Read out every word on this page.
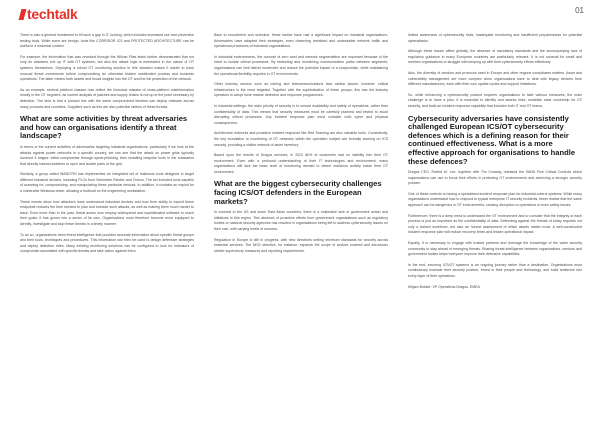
techtalk	01

There is also a general investment to fill such a gap in IT, looking, which includes increased use and preventive testing tools. While some are benign, tools like CORRIDOR ICS and PROTECTED ARCHITECTURE can be useful in a historical context.

For example, the information that was revealed through the Wilcan Files leaks further demonstrated that not only do attackers mix up IT with OT systems, but also the attack logic is embedded in the nature of OT systems themselves. Deploying a robust OT monitoring solution in this situation makes it easier to track unusual threat movements before compromising an otherwise hidden unattended process and business operations. The latter means both assets and broad insights into the OT and the full protection of the network.

As an example, several platform classes now reflect the historical mistake of cross-platform misinformation mostly in the OT segment, as current analysis of patches and supply chains is not up to the point necessary by detection. The idea is that a product line with the same compromised binaries can deploy malware across many products and countries. Suppliers such as this are also potential victims of these threats.

What are some activities by threat adversaries and how can organisations identify a threat landscape?

In terms of the current activities of adversaries targeting industrial organisations, particularly if we look at the attacks against power networks in a specific country, we can see that the attack on power grids typically involved 3 stages: initial compromise through spear-phishing, then installing bespoke tools in the substation that directly instruct switches to open and isolate parts of the grid.

Similarly, a group called WANOTRI has implemented an integrated set of malicious tools designed to target different industrial devices, including PLCs from Schneider Electric and Omron. The set included tools capable of scanning for, compromising, and manipulating these particular devices. In addition, it contains an exploit for a vulnerable Windows driver, allowing a foothold on the engineering workstation.

These events show how attackers have understood industrial devices and how their ability to exploit these endpoints reduces the time needed to plan and execute such attacks, as well as making them much harder to track. Even more than in the past, threat actors now employ widespread and sophisticated software to reach their goals: it has grown into a sector of its own. Organisations must therefore become more equipped to identify, investigate and stop these threats in a timely manner.

To do so, organisations need threat intelligence that provides accurate information about specific threat groups and their tools, techniques and procedures. This information can then be used to design defensive strategies and deploy detection rules. Many existing monitoring solutions can be configured to look for indicators of compromise associated with specific threats and take action against them.

Back to recruitment and selection, these tactics have had a significant impact on industrial organisations. Adversaries have adapted their strategies, even observing restricted and undesirable network traffic and operational processes of industrial organisations.

In industrial environments, the concept of zero trust and network segmentation are important because of the need to isolate critical processes. By restricting and monitoring communication paths between segments, organisations can limit lateral movement and reduce the potential impact of a compromise, while maintaining the operational flexibility required in OT environments.

Other industry sectors such as mining and telecommunications face similar issues; however, critical infrastructure is the most targeted. Together with the sophistication of these groups, this has led industry operators to adopt more mature detection and response programmes.

In industrial settings, the main priority of security is to ensure availability and safety of operations, rather than confidentiality of data. This means that security measures must be carefully planned and tested to avoid disrupting critical processes. Any incident response plan must consider both cyber and physical consequences.

Architecture networks and proactive incident response like Red Teaming are also valuable tools. Consistently, the key foundation to monitoring of OT networks within the operation subject are formally working on ICS security, providing a visible network of asset inventory.

Based upon the results of Dragos services, in 2022 80% of customers had no visibility into their OT environment. Even with a profound understanding of their IT technologies and environment, many organisations still lack the basic level of monitoring needed to detect malicious activity inside their OT environment.

What are the biggest cybersecurity challenges facing ICS/OT defenders in the European markets?

In contrast to the US and some East Asian countries, there is a noticeable lack of government action and initiatives in this region. This absence of proactive efforts from government organisations such as regulatory bodies or national security agencies has resulted in organisations being left to address cybersecurity issues on their own, with varying levels of success.

Regulation in Europe is still in progress, with new directives setting minimum standards for security across essential services. The NIS2 directive, for instance, expands the scope of sectors covered and introduces stricter supervisory measures and reporting requirements.

limited awareness of cybersecurity risks, inadequate monitoring and insufficient preparedness for potential cyberattacks.

Although these issues affect globally, the absence of mandatory standards and the accompanying lack of regulatory guidance in many European countries are particularly relevant. It is not unusual for small and medium organisations to struggle with keeping up with their cybersecurity efforts effectively.

Also, the diversity of vendors and protocols used in Europe and other regions complicates matters. Asset and vulnerability management are more complex when organisations have to deal with legacy devices from different manufacturers, each with their own update cycles and support limitations.

So, while enhancing a cybersecurity posture requires organisations to take various measures, the main challenge is to have a plan. It is essential to identify and assess risks, establish clear ownership for OT security, and build an incident response capability that includes both IT and OT teams.

Cybersecurity adversaries have consistently challenged European ICS/OT cybersecurity defences which is a defining reason for their continued effectiveness. What is a more effective approach for organisations to handle these defences?

Dragos CEO, Robert M. Lee, together with Tim Conway, released the SANS Five Critical Controls which organisations can use to focus their efforts in protecting OT environments and achieving a stronger security posture.

One of these controls is having a specialised incident response plan for industrial control systems. While many organisations understand how to respond to typical enterprise IT security incidents, fewer realise that the same approach can be dangerous in OT environments, causing disruption to operations or even safety issues.

Furthermore, there is a deep need to understand the OT environment and to consider that the integrity of each process is just as important as the confidentiality of data. Defending against the threats of today requires not only a trained workforce, but also an honest assessment of which assets matter most. A well-constructed incident response plan will reduce recovery times and lessen operational impact.

Equally, it is necessary to engage with trusted partners and leverage the knowledge of the wider security community to stay ahead of emerging threats. Sharing threat intelligence between organisations, vendors and government bodies helps everyone improve their defensive capabilities.

In the end, securing ICS/OT systems is an ongoing journey rather than a destination. Organisations must continuously evaluate their security posture, invest in their people and technology, and build resilience into every layer of their operations.

Mirjam Bokker, VP Operations Dragos, EMEA
